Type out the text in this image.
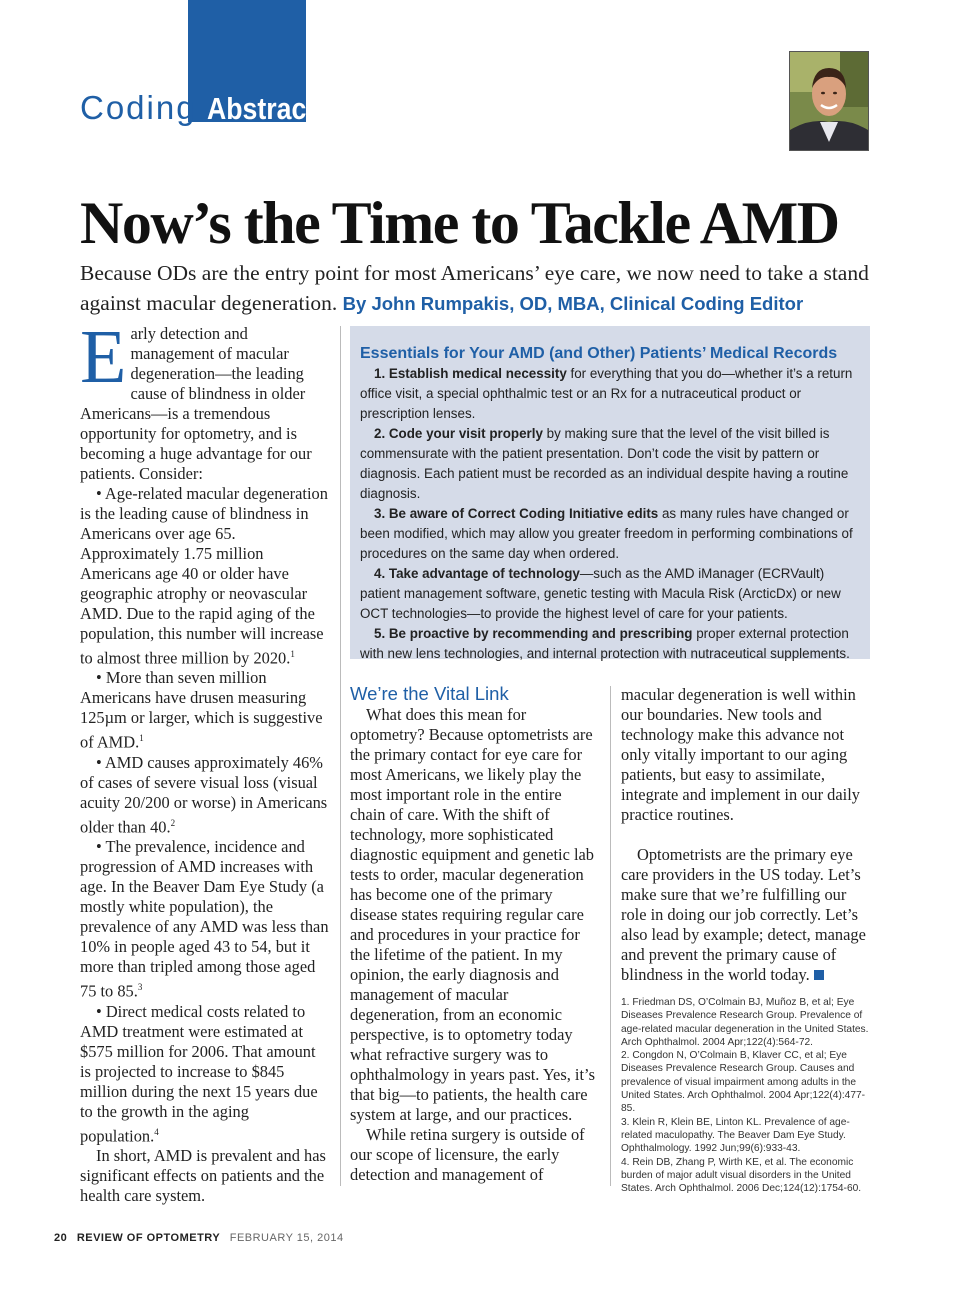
Coding Abstract
Now’s the Time to Tackle AMD
Because ODs are the entry point for most Americans’ eye care, we now need to take a stand against macular degeneration. By John Rumpakis, OD, MBA, Clinical Coding Editor

Early detection and management of macular degeneration—the leading cause of blindness in older Americans—is a tremendous opportunity for optometry, and is becoming a huge advantage for our patients. Consider:

• Age-related macular degeneration is the leading cause of blindness in Americans over age 65. Approximately 1.75 million Americans age 40 or older have geographic atrophy or neovascular AMD. Due to the rapid aging of the population, this number will increase to almost three million by 2020.$^1$

• More than seven million Americans have drusen measuring 125µm or larger, which is suggestive of AMD.$^1$

• AMD causes approximately 46% of cases of severe visual loss (visual acuity 20/200 or worse) in Americans older than 40.$^2$

• The prevalence, incidence and progression of AMD increases with age. In the Beaver Dam Eye Study (a mostly white population), the prevalence of any AMD was less than 10% in people aged 43 to 54, but it more than tripled among those aged 75 to 85.$^3$

• Direct medical costs related to AMD treatment were estimated at $575 million for 2006. That amount is projected to increase to $845 million during the next 15 years due to the growth in the aging population.$^4$

In short, AMD is prevalent and has significant effects on patients and the health care system.

Essentials for Your AMD (and Other) Patients’ Medical Records

1. Establish medical necessity for everything that you do—whether it’s a return office visit, a special ophthalmic test or an Rx for a nutraceutical product or prescription lenses.

2. Code your visit properly by making sure that the level of the visit billed is commensurate with the patient presentation. Don’t code the visit by pattern or diagnosis. Each patient must be recorded as an individual despite having a routine diagnosis.

3. Be aware of Correct Coding Initiative edits as many rules have changed or been modified, which may allow you greater freedom in performing combinations of procedures on the same day when ordered.

4. Take advantage of technology—such as the AMD iManager (ECRVault) patient management software, genetic testing with Macula Risk (ArcticDx) or new OCT technologies—to provide the highest level of care for your patients.

5. Be proactive by recommending and prescribing proper external protection with new lens technologies, and internal protection with nutraceutical supplements.

We’re the Vital Link

What does this mean for optometry? Because optometrists are the primary contact for eye care for most Americans, we likely play the most important role in the entire chain of care. With the shift of technology, more sophisticated diagnostic equipment and genetic lab tests to order, macular degeneration has become one of the primary disease states requiring regular care and procedures in your practice for the lifetime of the patient. In my opinion, the early diagnosis and management of macular degeneration, from an economic perspective, is to optometry today what refractive surgery was to ophthalmology in years past. Yes, it’s that big—to patients, the health care system at large, and our practices.

While retina surgery is outside of our scope of licensure, the early detection and management of

macular degeneration is well within our boundaries. New tools and technology make this advance not only vitally important to our aging patients, but easy to assimilate, integrate and implement in our daily practice routines.

Optometrists are the primary eye care providers in the US today. Let’s make sure that we’re fulfilling our role in doing our job correctly. Let’s also lead by example; detect, manage and prevent the primary cause of blindness in the world today.

1. Friedman DS, O’Colmain BJ, Muñoz B, et al; Eye Diseases Prevalence Research Group. Prevalence of age-related macular degeneration in the United States. Arch Ophthalmol. 2004 Apr;122(4):564-72.

2. Congdon N, O’Colmain B, Klaver CC, et al; Eye Diseases Prevalence Research Group. Causes and prevalence of visual impairment among adults in the United States. Arch Ophthalmol. 2004 Apr;122(4):477-85.

3. Klein R, Klein BE, Linton KL. Prevalence of age-related maculopathy. The Beaver Dam Eye Study. Ophthalmology. 1992 Jun;99(6):933-43.

4. Rein DB, Zhang P, Wirth KE, et al. The economic burden of major adult visual disorders in the United States. Arch Ophthalmol. 2006 Dec;124(12):1754-60.

20 REVIEW OF OPTOMETRY FEBRUARY 15, 2014
